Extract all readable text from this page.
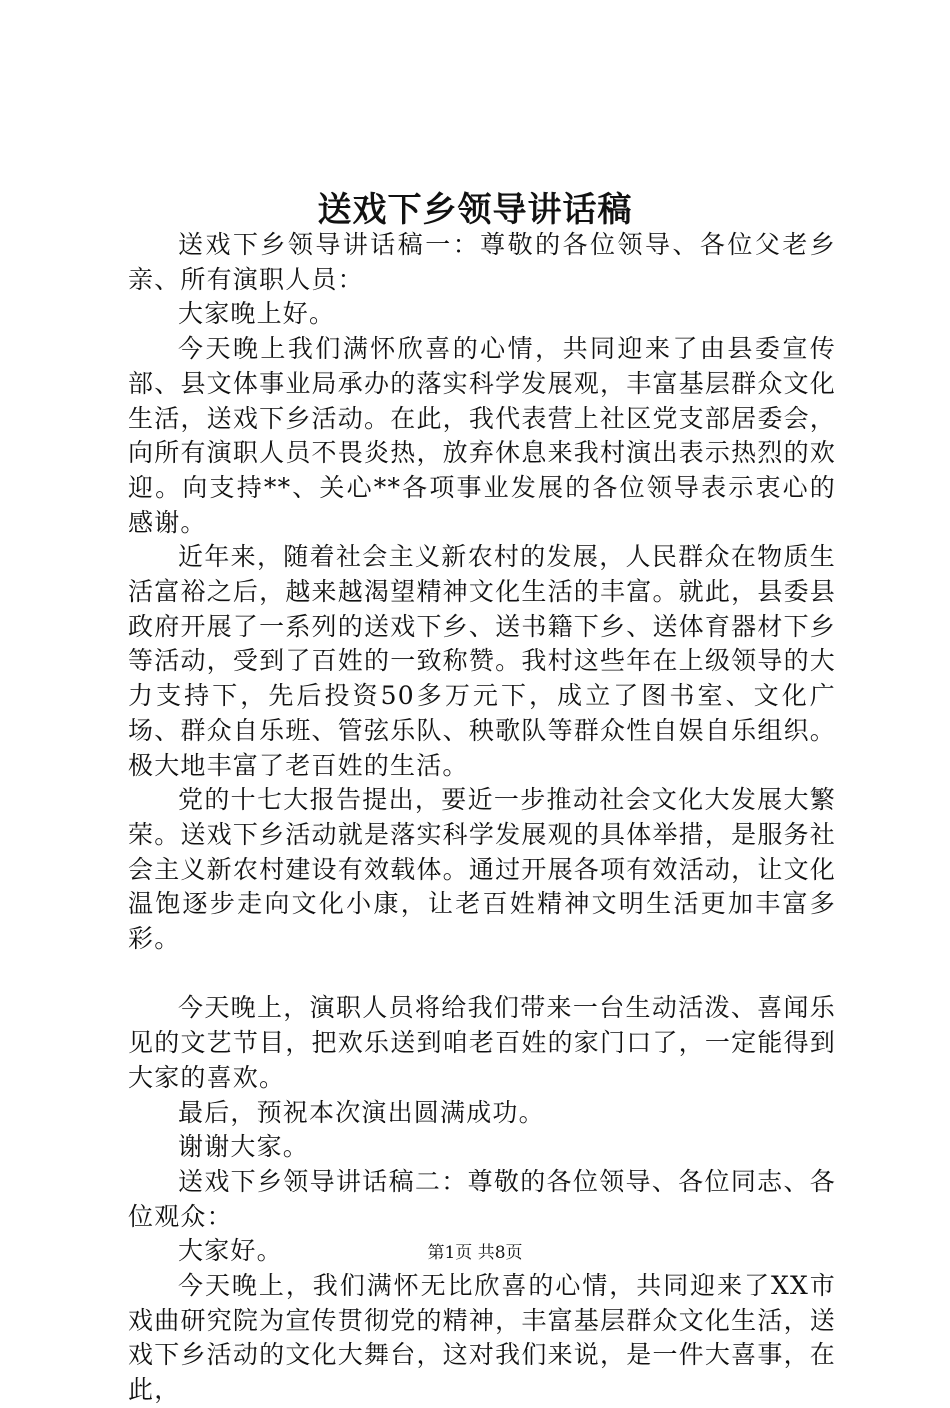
送戏下乡领导讲话稿

送戏下乡领导讲话稿一：尊敬的各位领导、各位父老乡亲、所有演职人员：

大家晚上好。

今天晚上我们满怀欣喜的心情，共同迎来了由县委宣传部、县文体事业局承办的落实科学发展观，丰富基层群众文化生活，送戏下乡活动。在此，我代表营上社区党支部居委会，向所有演职人员不畏炎热，放弃休息来我村演出表示热烈的欢迎。向支持**、关心**各项事业发展的各位领导表示衷心的感谢。

近年来，随着社会主义新农村的发展，人民群众在物质生活富裕之后，越来越渴望精神文化生活的丰富。就此，县委县政府开展了一系列的送戏下乡、送书籍下乡、送体育器材下乡等活动，受到了百姓的一致称赞。我村这些年在上级领导的大力支持下，先后投资50多万元下，成立了图书室、文化广场、群众自乐班、管弦乐队、秧歌队等群众性自娱自乐组织。极大地丰富了老百姓的生活。

党的十七大报告提出，要近一步推动社会文化大发展大繁荣。送戏下乡活动就是落实科学发展观的具体举措，是服务社会主义新农村建设有效载体。通过开展各项有效活动，让文化温饱逐步走向文化小康，让老百姓精神文明生活更加丰富多彩。

今天晚上，演职人员将给我们带来一台生动活泼、喜闻乐见的文艺节目，把欢乐送到咱老百姓的家门口了，一定能得到大家的喜欢。

最后，预祝本次演出圆满成功。

谢谢大家。

送戏下乡领导讲话稿二：尊敬的各位领导、各位同志、各位观众：

大家好。

今天晚上，我们满怀无比欣喜的心情，共同迎来了XX市戏曲研究院为宣传贯彻党的精神，丰富基层群众文化生活，送戏下乡活动的文化大舞台，这对我们来说，是一件大喜事，在此，

第1页 共8页
